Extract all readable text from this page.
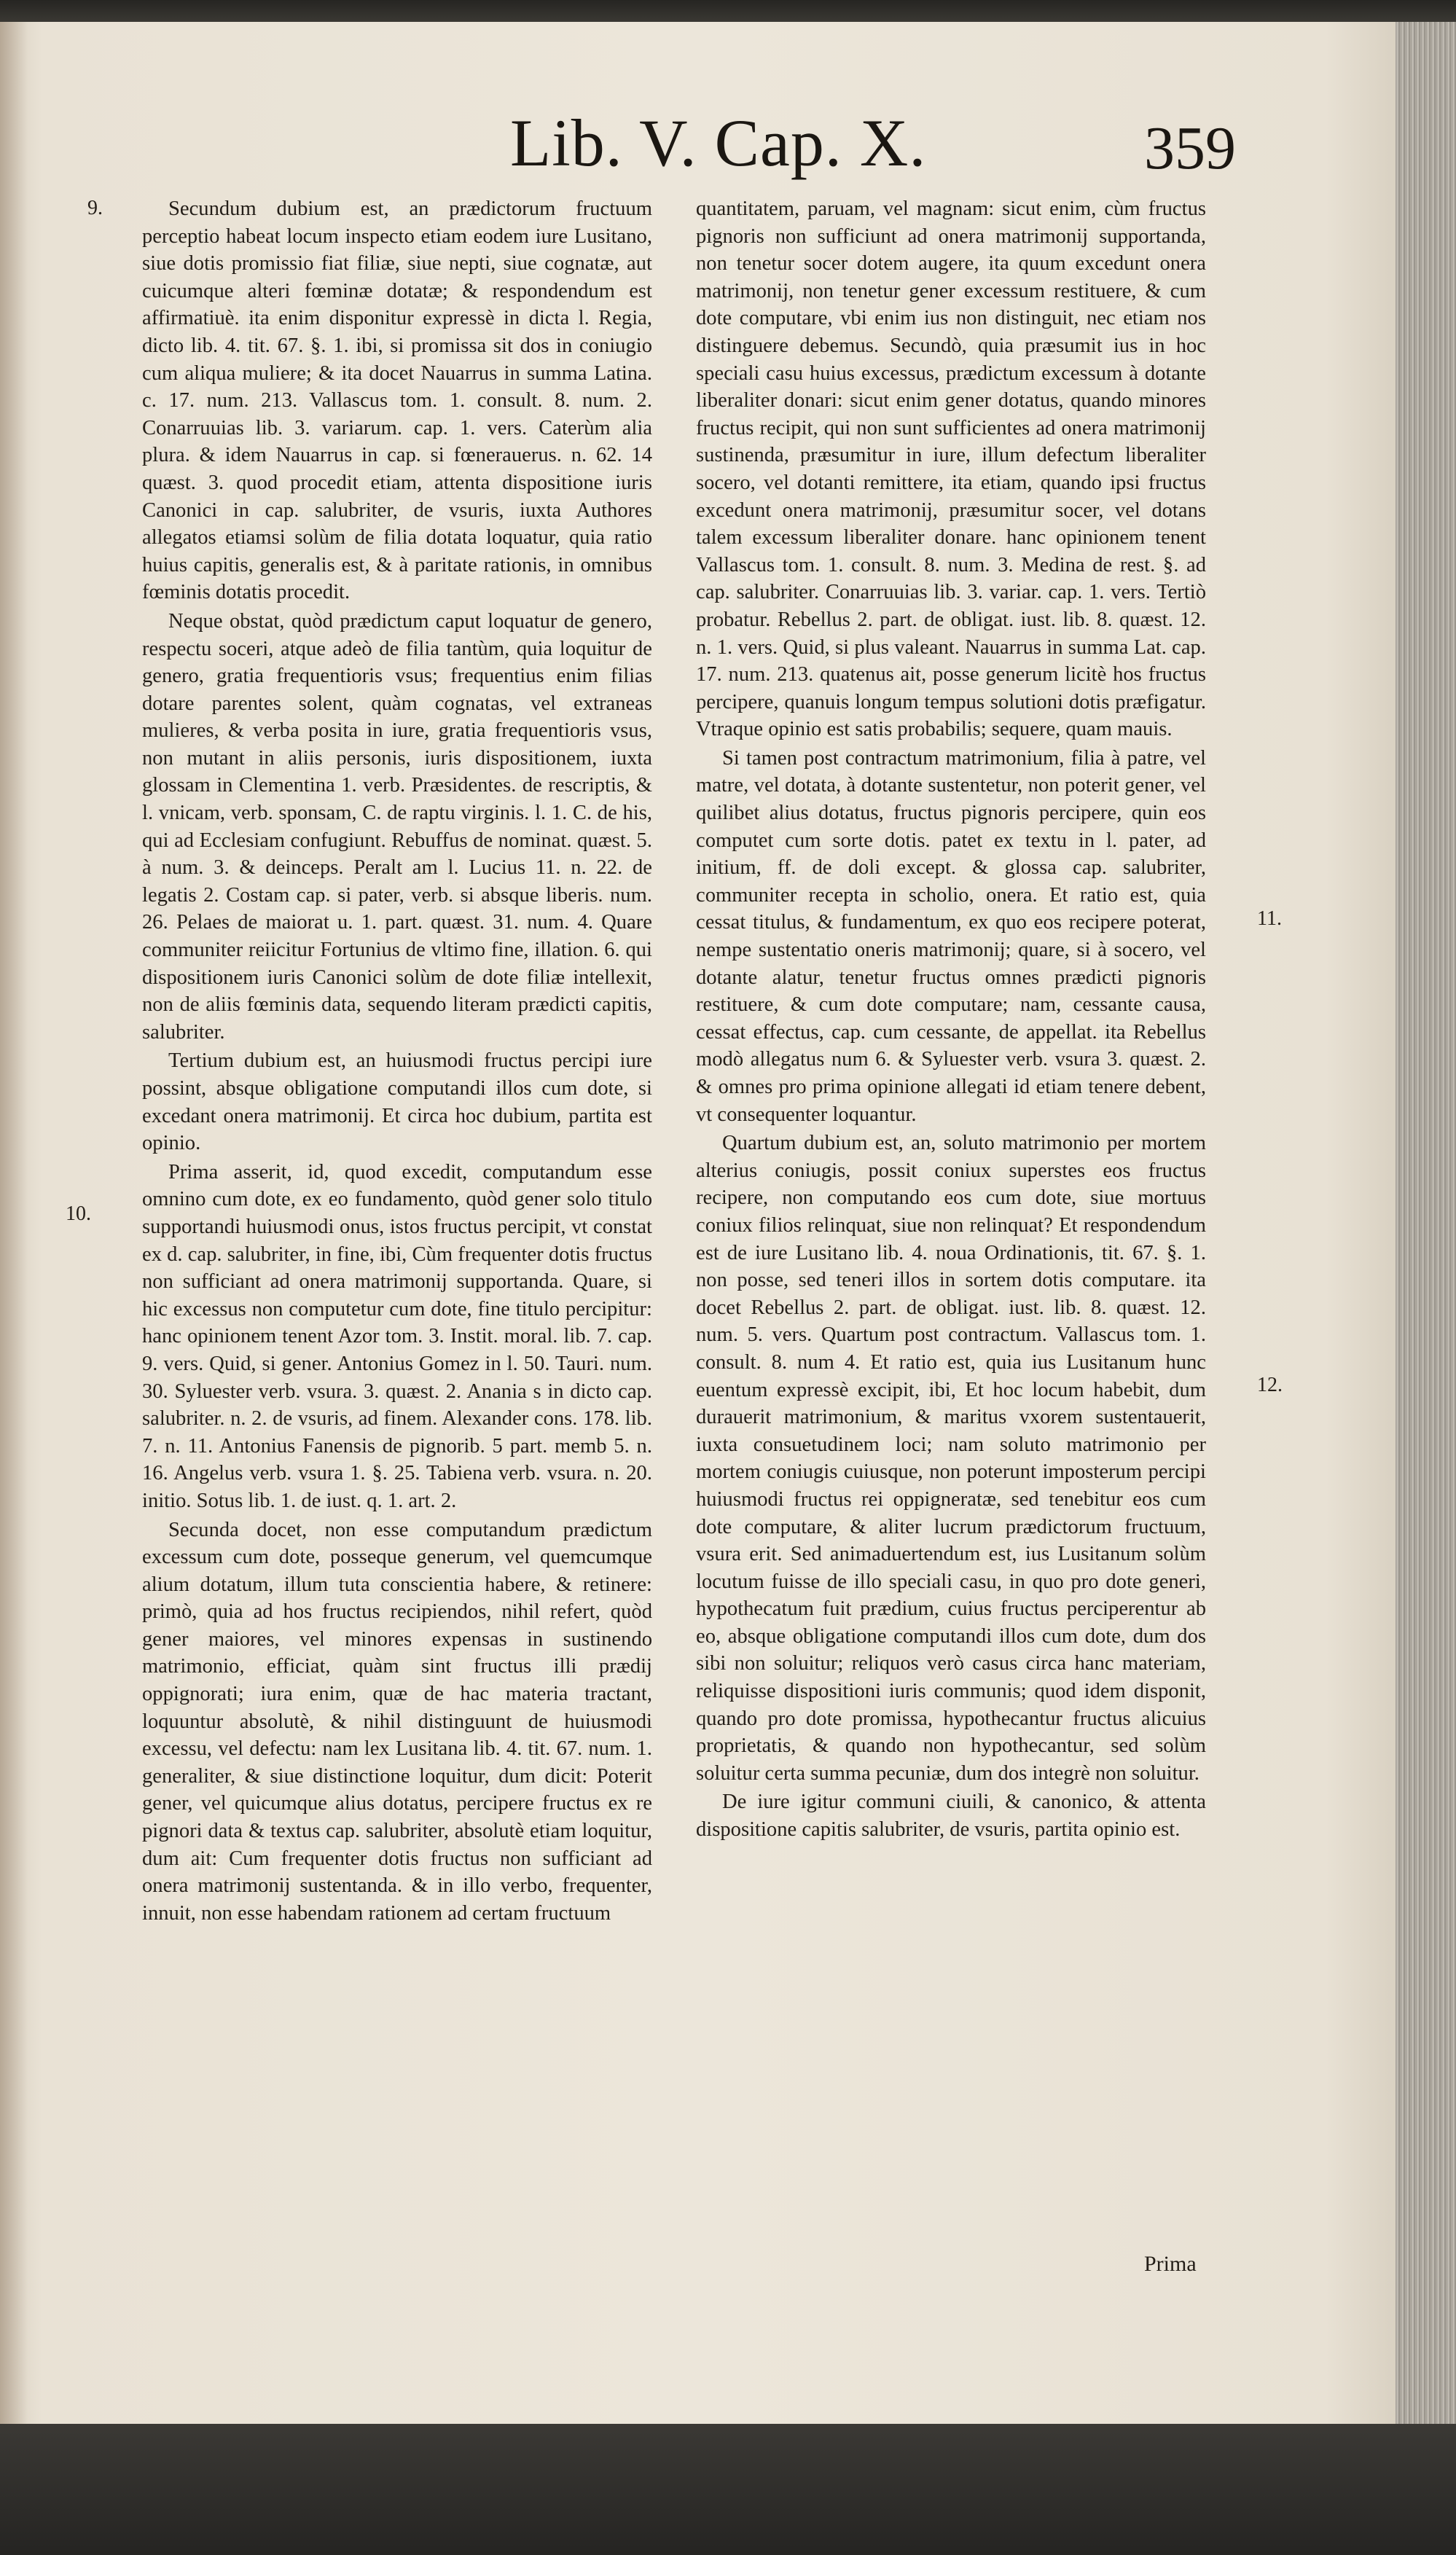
Lib. V. Cap. X.	359
9.
10.
11.
12.

Secundum dubium est, an prædictorum fructuum perceptio habeat locum inspecto etiam eodem iure Lusitano, siue dotis promissio fiat filiæ, siue nepti, siue cognatæ, aut cuicumque alteri fœminæ dotatæ; & respondendum est affirmatiuè. ita enim disponitur expressè in dicta l. Regia, dicto lib. 4. tit. 67. §. 1. ibi, si promissa sit dos in coniugio cum aliqua muliere; & ita docet Nauarrus in summa Latina. c. 17. num. 213. Vallascus tom. 1. consult. 8. num. 2. Conarruuias lib. 3. variarum. cap. 1. vers. Caterùm alia plura. & idem Nauarrus in cap. si fœnerauerus. n. 62. 14 quæst. 3. quod procedit etiam, attenta dispositione iuris Canonici in cap. salubriter, de vsuris, iuxta Authores allegatos etiamsi solùm de filia dotata loquatur, quia ratio huius capitis, generalis est, & à paritate rationis, in omnibus fœminis dotatis procedit.

Neque obstat, quòd prædictum caput loquatur de genero, respectu soceri, atque adeò de filia tantùm, quia loquitur de genero, gratia frequentioris vsus; frequentius enim filias dotare parentes solent, quàm cognatas, vel extraneas mulieres, & verba posita in iure, gratia frequentioris vsus, non mutant in aliis personis, iuris dispositionem, iuxta glossam in Clementina 1. verb. Præsidentes. de rescriptis, & l. vnicam, verb. sponsam, C. de raptu virginis. l. 1. C. de his, qui ad Ecclesiam confugiunt. Rebuffus de nominat. quæst. 5. à num. 3. & deinceps. Peralt am l. Lucius 11. n. 22. de legatis 2. Costam cap. si pater, verb. si absque liberis. num. 26. Pelaes de maiorat u. 1. part. quæst. 31. num. 4. Quare communiter reiicitur Fortunius de vltimo fine, illation. 6. qui dispositionem iuris Canonici solùm de dote filiæ intellexit, non de aliis fœminis data, sequendo literam prædicti capitis, salubriter.

Tertium dubium est, an huiusmodi fructus percipi iure possint, absque obligatione computandi illos cum dote, si excedant onera matrimonij. Et circa hoc dubium, partita est opinio.

Prima asserit, id, quod excedit, computandum esse omnino cum dote, ex eo fundamento, quòd gener solo titulo supportandi huiusmodi onus, istos fructus percipit, vt constat ex d. cap. salubriter, in fine, ibi, Cùm frequenter dotis fructus non sufficiant ad onera matrimonij supportanda. Quare, si hic excessus non computetur cum dote, fine titulo percipitur: hanc opinionem tenent Azor tom. 3. Instit. moral. lib. 7. cap. 9. vers. Quid, si gener. Antonius Gomez in l. 50. Tauri. num. 30. Syluester verb. vsura. 3. quæst. 2. Anania s in dicto cap. salubriter. n. 2. de vsuris, ad finem. Alexander cons. 178. lib. 7. n. 11. Antonius Fanensis de pignorib. 5 part. memb 5. n. 16. Angelus verb. vsura 1. §. 25. Tabiena verb. vsura. n. 20. initio. Sotus lib. 1. de iust. q. 1. art. 2.

Secunda docet, non esse computandum prædictum excessum cum dote, posseque generum, vel quemcumque alium dotatum, illum tuta conscientia habere, & retinere: primò, quia ad hos fructus recipiendos, nihil refert, quòd gener maiores, vel minores expensas in sustinendo matrimonio, efficiat, quàm sint fructus illi prædij oppignorati; iura enim, quæ de hac materia tractant, loquuntur absolutè, & nihil distinguunt de huiusmodi excessu, vel defectu: nam lex Lusitana lib. 4. tit. 67. num. 1. generaliter, & siue distinctione loquitur, dum dicit: Poterit gener, vel quicumque alius dotatus, percipere fructus ex re pignori data & textus cap. salubriter, absolutè etiam loquitur, dum ait: Cum frequenter dotis fructus non sufficiant ad onera matrimonij sustentanda. & in illo verbo, frequenter, innuit, non esse habendam rationem ad certam fructuum

quantitatem, paruam, vel magnam: sicut enim, cùm fructus pignoris non sufficiunt ad onera matrimonij supportanda, non tenetur socer dotem augere, ita quum excedunt onera matrimonij, non tenetur gener excessum restituere, & cum dote computare, vbi enim ius non distinguit, nec etiam nos distinguere debemus. Secundò, quia præsumit ius in hoc speciali casu huius excessus, prædictum excessum à dotante liberaliter donari: sicut enim gener dotatus, quando minores fructus recipit, qui non sunt sufficientes ad onera matrimonij sustinenda, præsumitur in iure, illum defectum liberaliter socero, vel dotanti remittere, ita etiam, quando ipsi fructus excedunt onera matrimonij, præsumitur socer, vel dotans talem excessum liberaliter donare. hanc opinionem tenent Vallascus tom. 1. consult. 8. num. 3. Medina de rest. §. ad cap. salubriter. Conarruuias lib. 3. variar. cap. 1. vers. Tertiò probatur. Rebellus 2. part. de obligat. iust. lib. 8. quæst. 12. n. 1. vers. Quid, si plus valeant. Nauarrus in summa Lat. cap. 17. num. 213. quatenus ait, posse generum licitè hos fructus percipere, quanuis longum tempus solutioni dotis præfigatur. Vtraque opinio est satis probabilis; sequere, quam mauis.

Si tamen post contractum matrimonium, filia à patre, vel matre, vel dotata, à dotante sustentetur, non poterit gener, vel quilibet alius dotatus, fructus pignoris percipere, quin eos computet cum sorte dotis. patet ex textu in l. pater, ad initium, ff. de doli except. & glossa cap. salubriter, communiter recepta in scholio, onera. Et ratio est, quia cessat titulus, & fundamentum, ex quo eos recipere poterat, nempe sustentatio oneris matrimonij; quare, si à socero, vel dotante alatur, tenetur fructus omnes prædicti pignoris restituere, & cum dote computare; nam, cessante causa, cessat effectus, cap. cum cessante, de appellat. ita Rebellus modò allegatus num 6. & Syluester verb. vsura 3. quæst. 2. & omnes pro prima opinione allegati id etiam tenere debent, vt consequenter loquantur.

Quartum dubium est, an, soluto matrimonio per mortem alterius coniugis, possit coniux superstes eos fructus recipere, non computando eos cum dote, siue mortuus coniux filios relinquat, siue non relinquat? Et respondendum est de iure Lusitano lib. 4. noua Ordinationis, tit. 67. §. 1. non posse, sed teneri illos in sortem dotis computare. ita docet Rebellus 2. part. de obligat. iust. lib. 8. quæst. 12. num. 5. vers. Quartum post contractum. Vallascus tom. 1. consult. 8. num 4. Et ratio est, quia ius Lusitanum hunc euentum expressè excipit, ibi, Et hoc locum habebit, dum durauerit matrimonium, & maritus vxorem sustentauerit, iuxta consuetudinem loci; nam soluto matrimonio per mortem coniugis cuiusque, non poterunt imposterum percipi huiusmodi fructus rei oppigneratæ, sed tenebitur eos cum dote computare, & aliter lucrum prædictorum fructuum, vsura erit. Sed animaduertendum est, ius Lusitanum solùm locutum fuisse de illo speciali casu, in quo pro dote generi, hypothecatum fuit prædium, cuius fructus perciperentur ab eo, absque obligatione computandi illos cum dote, dum dos sibi non soluitur; reliquos verò casus circa hanc materiam, reliquisse dispositioni iuris communis; quod idem disponit, quando pro dote promissa, hypothecantur fructus alicuius proprietatis, & quando non hypothecantur, sed solùm soluitur certa summa pecuniæ, dum dos integrè non soluitur.

De iure igitur communi ciuili, & canonico, & attenta dispositione capitis salubriter, de vsuris, partita opinio est.

Prima
